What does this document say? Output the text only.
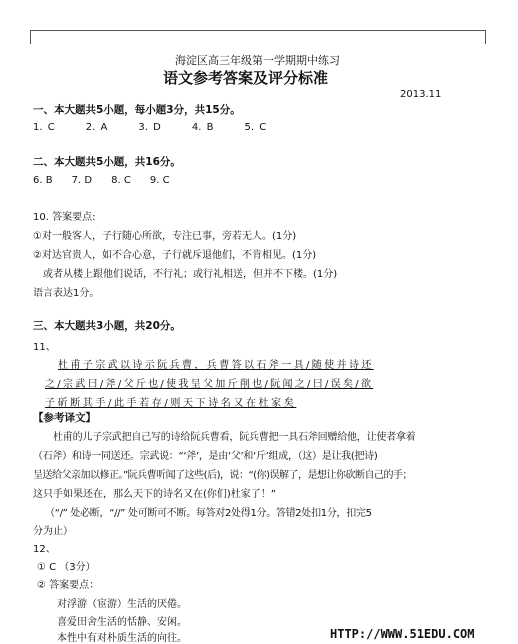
海淀区高三年级第一学期期中练习
语文参考答案及评分标准
2013.11
一、本大题共5小题，每小题3分，共15分。
1. C      2. A      3. D      4. B      5. C
二、本大题共5小题，共16分。
6. B      7. D      8. C      9. C
10. 答案要点:
①对一般客人，子行随心所欲，专注已事，旁若无人。(1分)
②对达官贵人，如不合心意，子行就斥退他们，不肯相见。(1分)
或者从楼上跟他们说话，不行礼；或行礼相送，但并不下楼。(1分)
语言表达1分。
三、本大题共3小题，共20分。
11、
杜甫子宗武以诗示阮兵曹，兵曹答以石斧一具/随使并诗还
之/宗武曰/斧/父斤也/使我呈父加斤削也/阮闻之/曰/误矣/欲
子斫断其手/此手若存/则天下诗名又在杜家矣
【参考译文】
杜甫的儿子宗武把自己写的诗给阮兵曹看，阮兵曹把一具石斧回赠给他，让使者拿着
（石斧）和诗一同送还。宗武说：“‘斧’，是由‘父’和‘斤’组成，（这）是让我(把诗)
呈送给父亲加以修正。”阮兵曹听闻了这些(后)，说：“(你)误解了，是想让你砍断自己的手；
这只手如果还在，那么天下的诗名又在(你们)杜家了！”
（“/” 处必断，“//” 处可断可不断。每答对2处得1分。答错2处扣1分，扣完5
分为止）
12、
① C （3分）
② 答案要点：
对浮游（宦游）生活的厌倦。
喜爱田舍生活的恬静、安闲。
本性中有对朴质生活的向往。	HTTP://WWW.51EDU.COM
